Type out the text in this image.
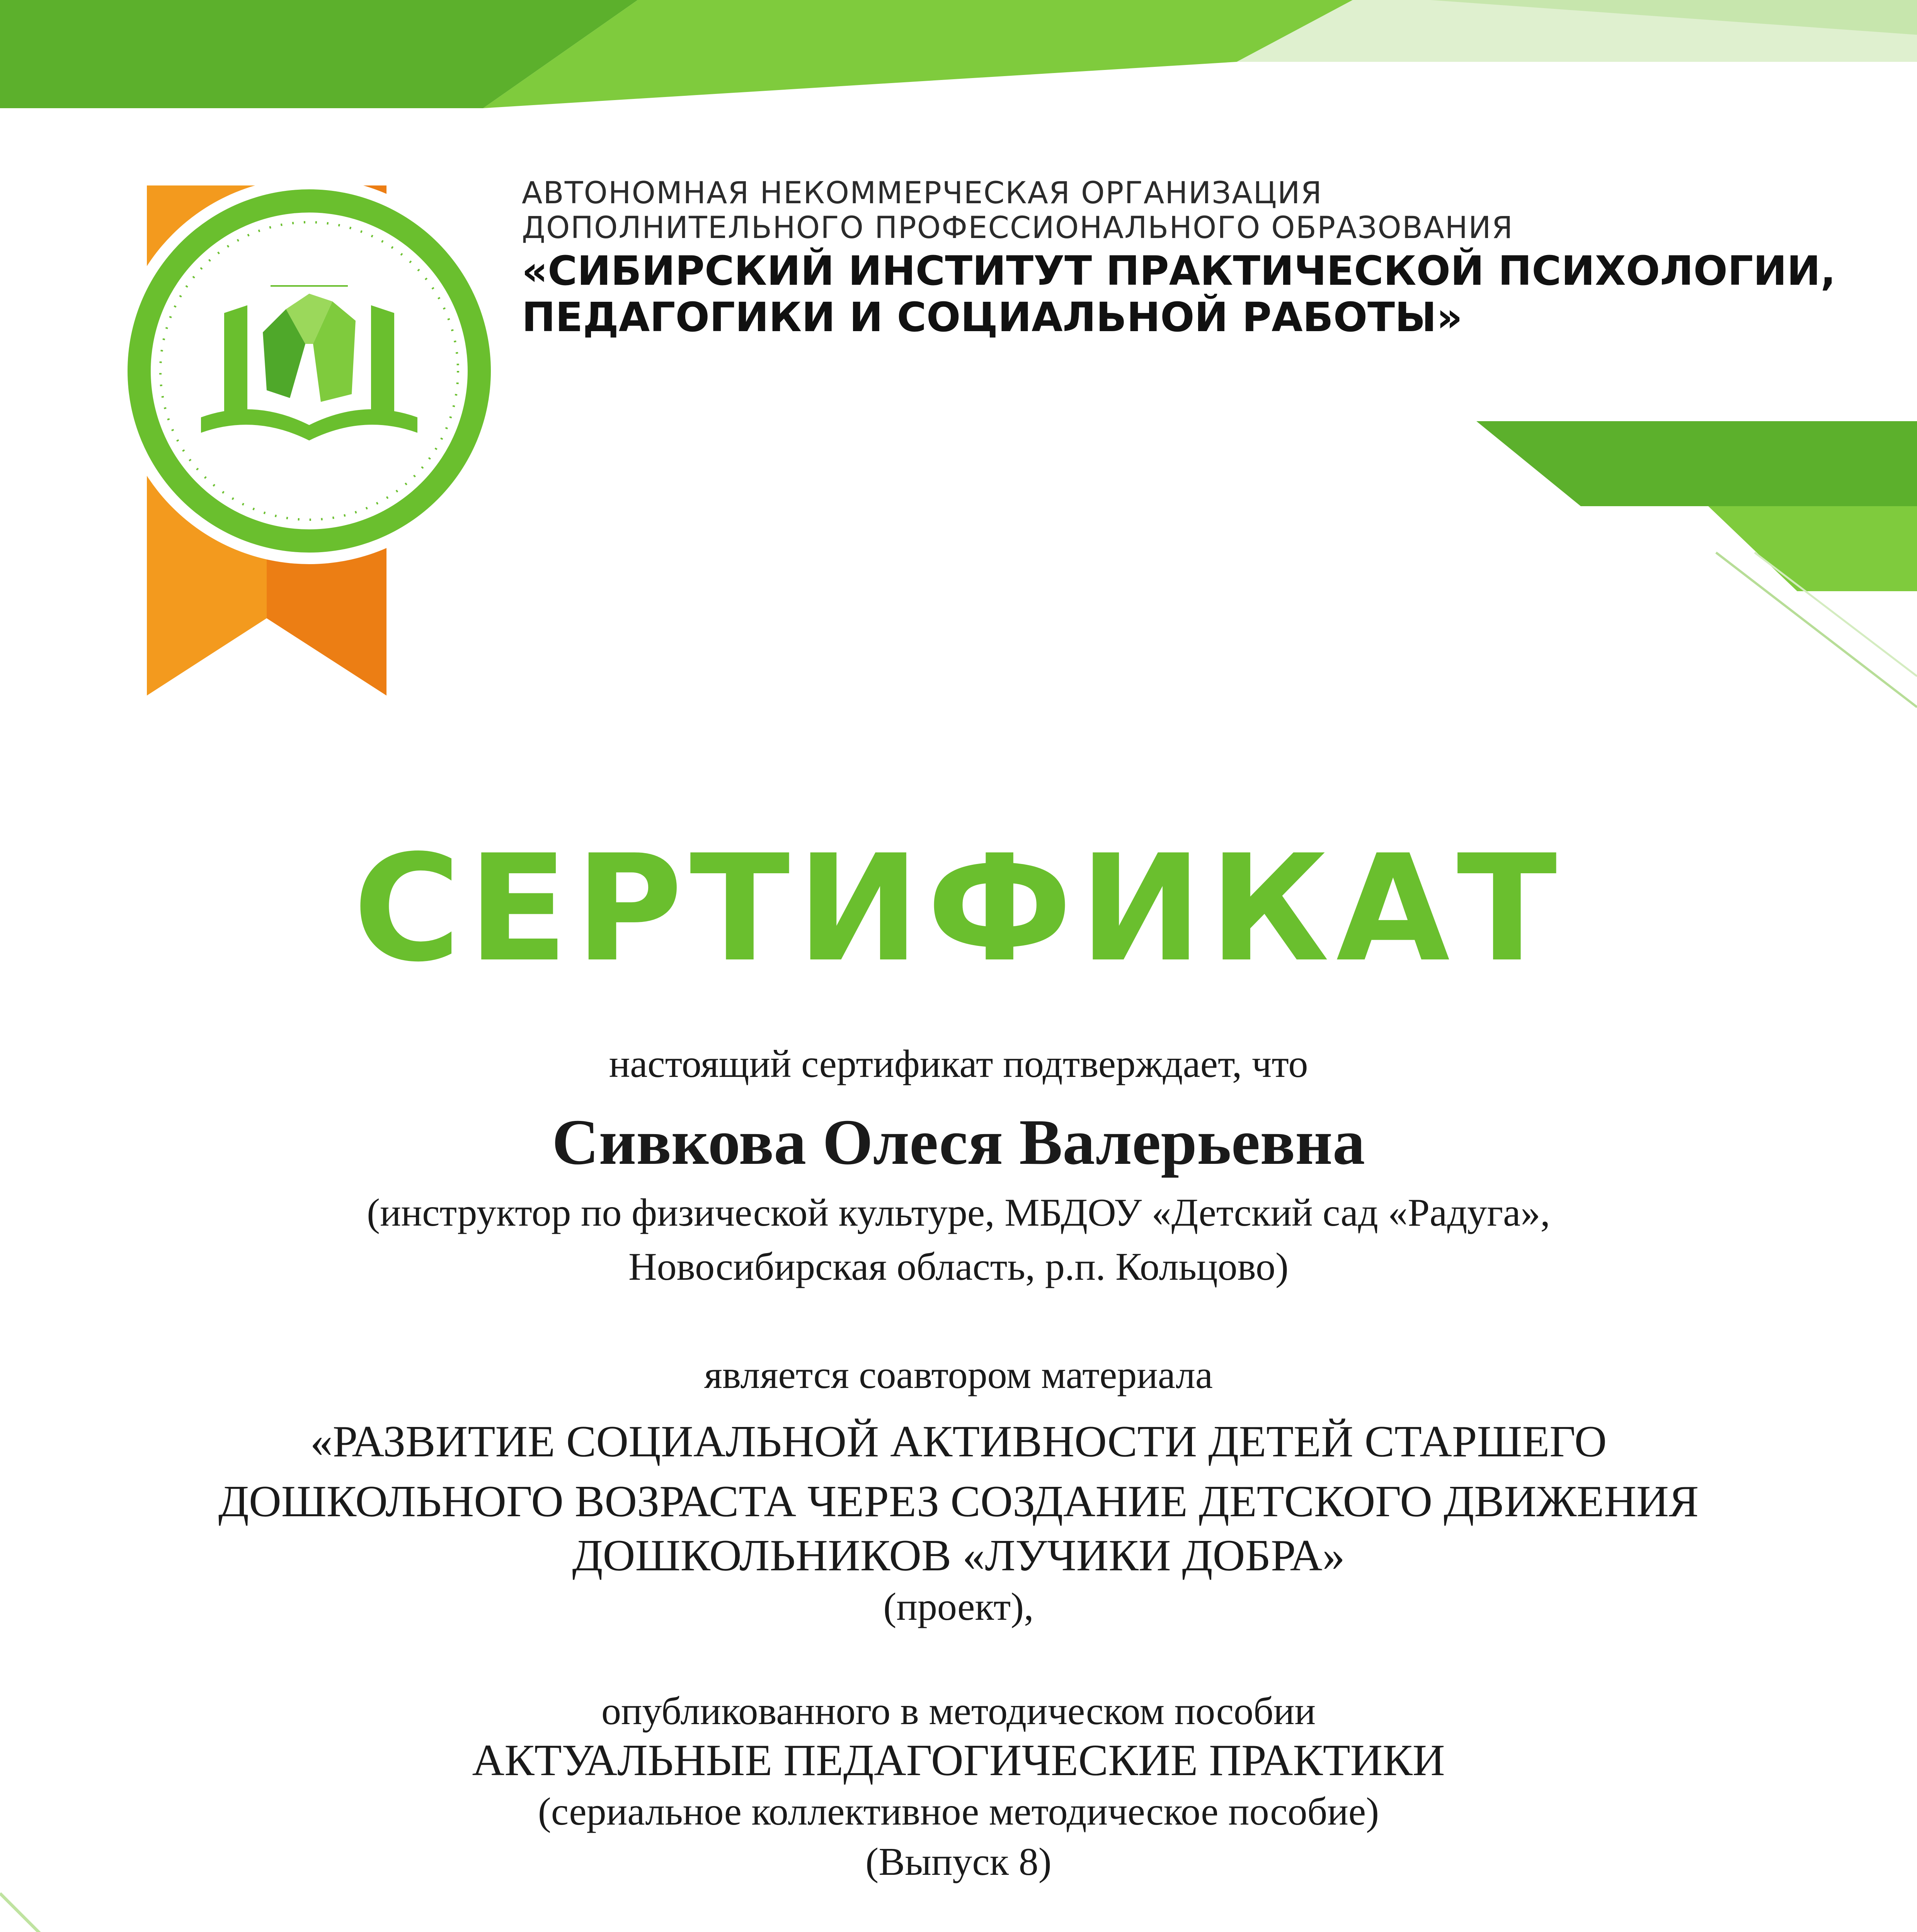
АВТОНОМНАЯ НЕКОММЕРЧЕСКАЯ ОРГАНИЗАЦИЯ
ДОПОЛНИТЕЛЬНОГО ПРОФЕССИОНАЛЬНОГО ОБРАЗОВАНИЯ
«СИБИРСКИЙ ИНСТИТУТ ПРАКТИЧЕСКОЙ ПСИХОЛОГИИ,
ПЕДАГОГИКИ И СОЦИАЛЬНОЙ РАБОТЫ»
СЕРТИФИКАТ
настоящий сертификат подтверждает, что
Сивкова Олеся Валерьевна
(инструктор по физической культуре, МБДОУ «Детский сад «Радуга»,
Новосибирская область, р.п. Кольцово)
является соавтором материала
«РАЗВИТИЕ СОЦИАЛЬНОЙ АКТИВНОСТИ ДЕТЕЙ СТАРШЕГО
ДОШКОЛЬНОГО ВОЗРАСТА ЧЕРЕЗ СОЗДАНИЕ ДЕТСКОГО ДВИЖЕНИЯ
ДОШКОЛЬНИКОВ «ЛУЧИКИ ДОБРА»
(проект),
опубликованного в методическом пособии
АКТУАЛЬНЫЕ ПЕДАГОГИЧЕСКИЕ ПРАКТИКИ
(сериальное коллективное методическое пособие)
(Выпуск 8)
